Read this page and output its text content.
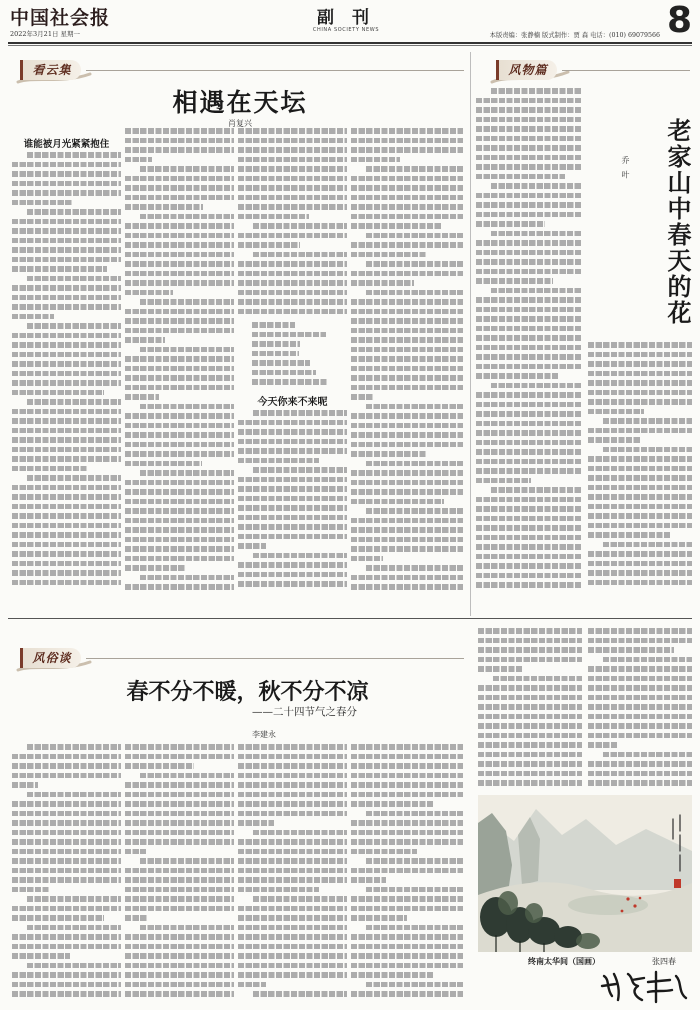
中国社会报
2022年3月21日 星期一
副 刊
CHINA SOCIETY NEWS
本版责编：张静楠 版式制作：贾 森 电话：(010) 69079566 8
看云集
相遇在天坛
肖复兴
谁能被月光紧紧抱住
今天你来不来呢
风物篇
老家山中春天的花
乔 叶
风俗谈
春不分不暖，秋不分不凉
——二十四节气之春分
李建永
终南太华间（国画）	张四春
